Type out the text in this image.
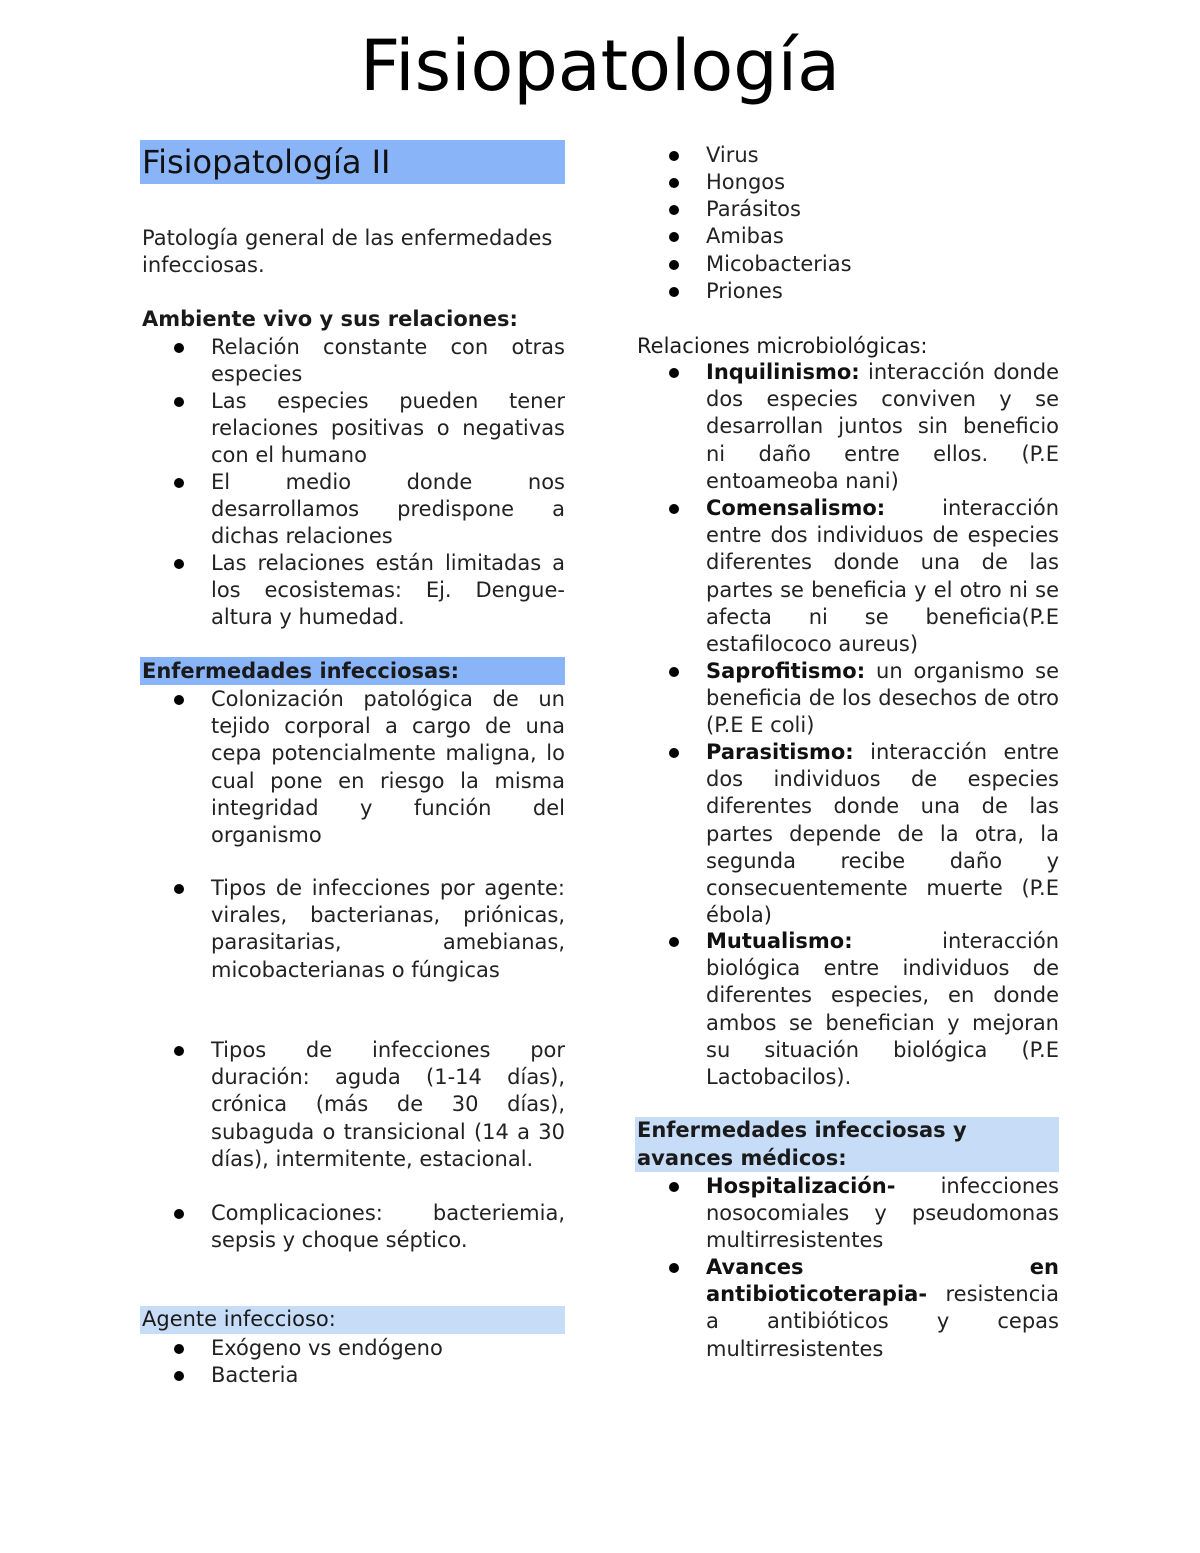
Fisiopatología
Fisiopatología II
Patología general de las enfermedades infecciosas.
Ambiente vivo y sus relaciones:
Relación constante con otras especies
Las especies pueden tener relaciones positivas o negativas con el humano
El medio donde nos desarrollamos predispone a dichas relaciones
Las relaciones están limitadas a los ecosistemas: Ej. Dengue-altura y humedad.
Enfermedades infecciosas:
Colonización patológica de un tejido corporal a cargo de una cepa potencialmente maligna, lo cual pone en riesgo la misma integridad y función del organismo
Tipos de infecciones por agente: virales, bacterianas, priónicas, parasitarias, amebianas, micobacterianas o fúngicas
Tipos de infecciones por duración: aguda (1-14 días), crónica (más de 30 días), subaguda o transicional (14 a 30 días), intermitente, estacional.
Complicaciones: bacteriemia, sepsis y choque séptico.
Agente infeccioso:
Exógeno vs endógeno
Bacteria
Virus
Hongos
Parásitos
Amibas
Micobacterias
Priones
Relaciones microbiológicas:
Inquilinismo: interacción donde dos especies conviven y se desarrollan juntos sin beneficio ni daño entre ellos. (P.E entoameoba nani)
Comensalismo: interacción entre dos individuos de especies diferentes donde una de las partes se beneficia y el otro ni se afecta ni se beneficia(P.E estafilococo aureus)
Saprofitismo: un organismo se beneficia de los desechos de otro (P.E E coli)
Parasitismo: interacción entre dos individuos de especies diferentes donde una de las partes depende de la otra, la segunda recibe daño y consecuentemente muerte (P.E ébola)
Mutualismo: interacción biológica entre individuos de diferentes especies, en donde ambos se benefician y mejoran su situación biológica (P.E Lactobacilos).
Enfermedades infecciosas y avances médicos:
Hospitalización- infecciones nosocomiales y pseudomonas multirresistentes
Avances en antibioticoterapia- resistencia a antibióticos y cepas multirresistentes
